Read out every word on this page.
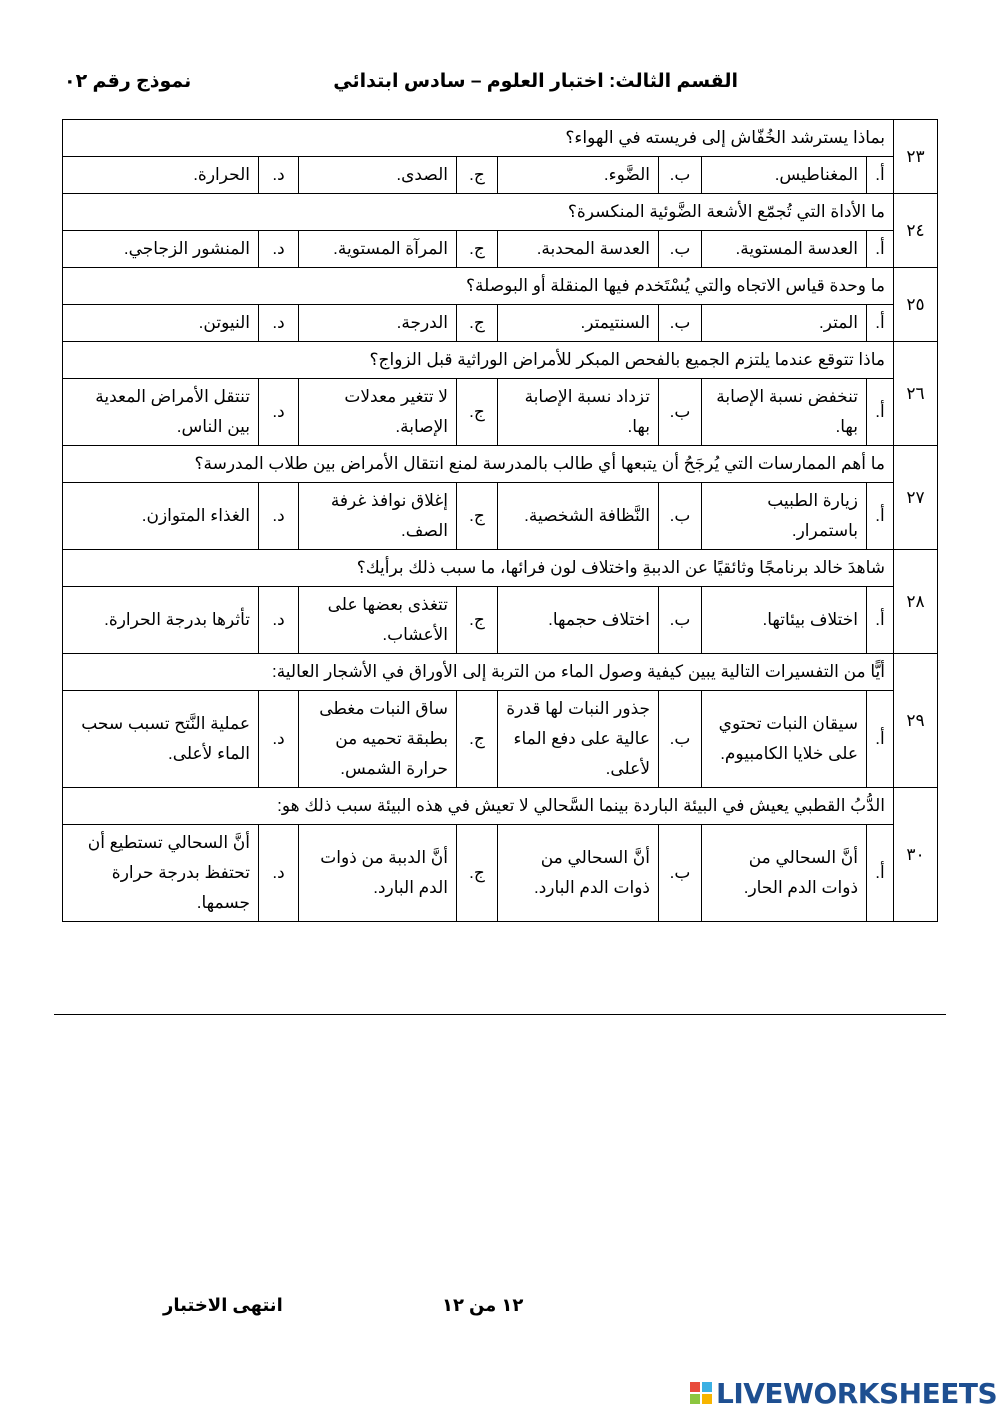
القسم الثالث: اختبار العلوم – سادس ابتدائي
نموذج رقم ٠٢
٢٣	بماذا يسترشد الخُفّاش إلى فريسته في الهواء؟							
	أ.	المغناطيس.	ب.	الضَّوء.	ج.	الصدى.	د.	الحرارة.
٢٤	ما الأداة التي تُجمّع الأشعة الضَّوئية المنكسرة؟							
	أ.	العدسة المستوية.	ب.	العدسة المحدبة.	ج.	المرآة المستوية.	د.	المنشور الزجاجي.
٢٥	ما وحدة قياس الاتجاه والتي يُسْتَخدم فيها المنقلة أو البوصلة؟							
	أ.	المتر.	ب.	السنتيمتر.	ج.	الدرجة.	د.	النيوتن.
٢٦	ماذا تتوقع عندما يلتزم الجميع بالفحص المبكر للأمراض الوراثية قبل الزواج؟							
	أ.	تنخفض نسبة الإصابة بها.	ب.	تزداد نسبة الإصابة بها.	ج.	لا تتغير معدلات الإصابة.	د.	تنتقل الأمراض المعدية بين الناس.
٢٧	ما أهم الممارسات التي يُرجَحُ أن يتبعها أي طالب بالمدرسة لمنع انتقال الأمراض بين طلاب المدرسة؟							
	أ.	زيارة الطبيب باستمرار.	ب.	النَّظافة الشخصية.	ج.	إغلاق نوافذ غرفة الصف.	د.	الغذاء المتوازن.
٢٨	شاهدَ خالد برنامجًا وثائقيًا عن الدببةِ واختلاف لون فرائها، ما سبب ذلك برأيك؟							
	أ.	اختلاف بيئاتها.	ب.	اختلاف حجمها.	ج.	تتغذى بعضها على الأعشاب.	د.	تأثرها بدرجة الحرارة.
٢٩	أيًّا من التفسيرات التالية يبين كيفية وصول الماء من التربة إلى الأوراق في الأشجار العالية:							
	أ.	سيقان النبات تحتوي على خلايا الكامبيوم.	ب.	جذور النبات لها قدرة عالية على دفع الماء لأعلى.	ج.	ساق النبات مغطى بطبقة تحميه من حرارة الشمس.	د.	عملية النَّتح تسبب سحب الماء لأعلى.
٣٠	الدُّبُ القطبي يعيش في البيئة الباردة بينما السَّحالي لا تعيش في هذه البيئة سبب ذلك هو:							
	أ.	أنَّ السحالي من ذوات الدم الحار.	ب.	أنَّ السحالي من ذوات الدم البارد.	ج.	أنَّ الدببة من ذوات الدم البارد.	د.	أنَّ السحالي تستطيع أن تحتفظ بدرجة حرارة جسمها.
١٢ من ١٢
انتهى الاختبار
LIVEWORKSHEETS
